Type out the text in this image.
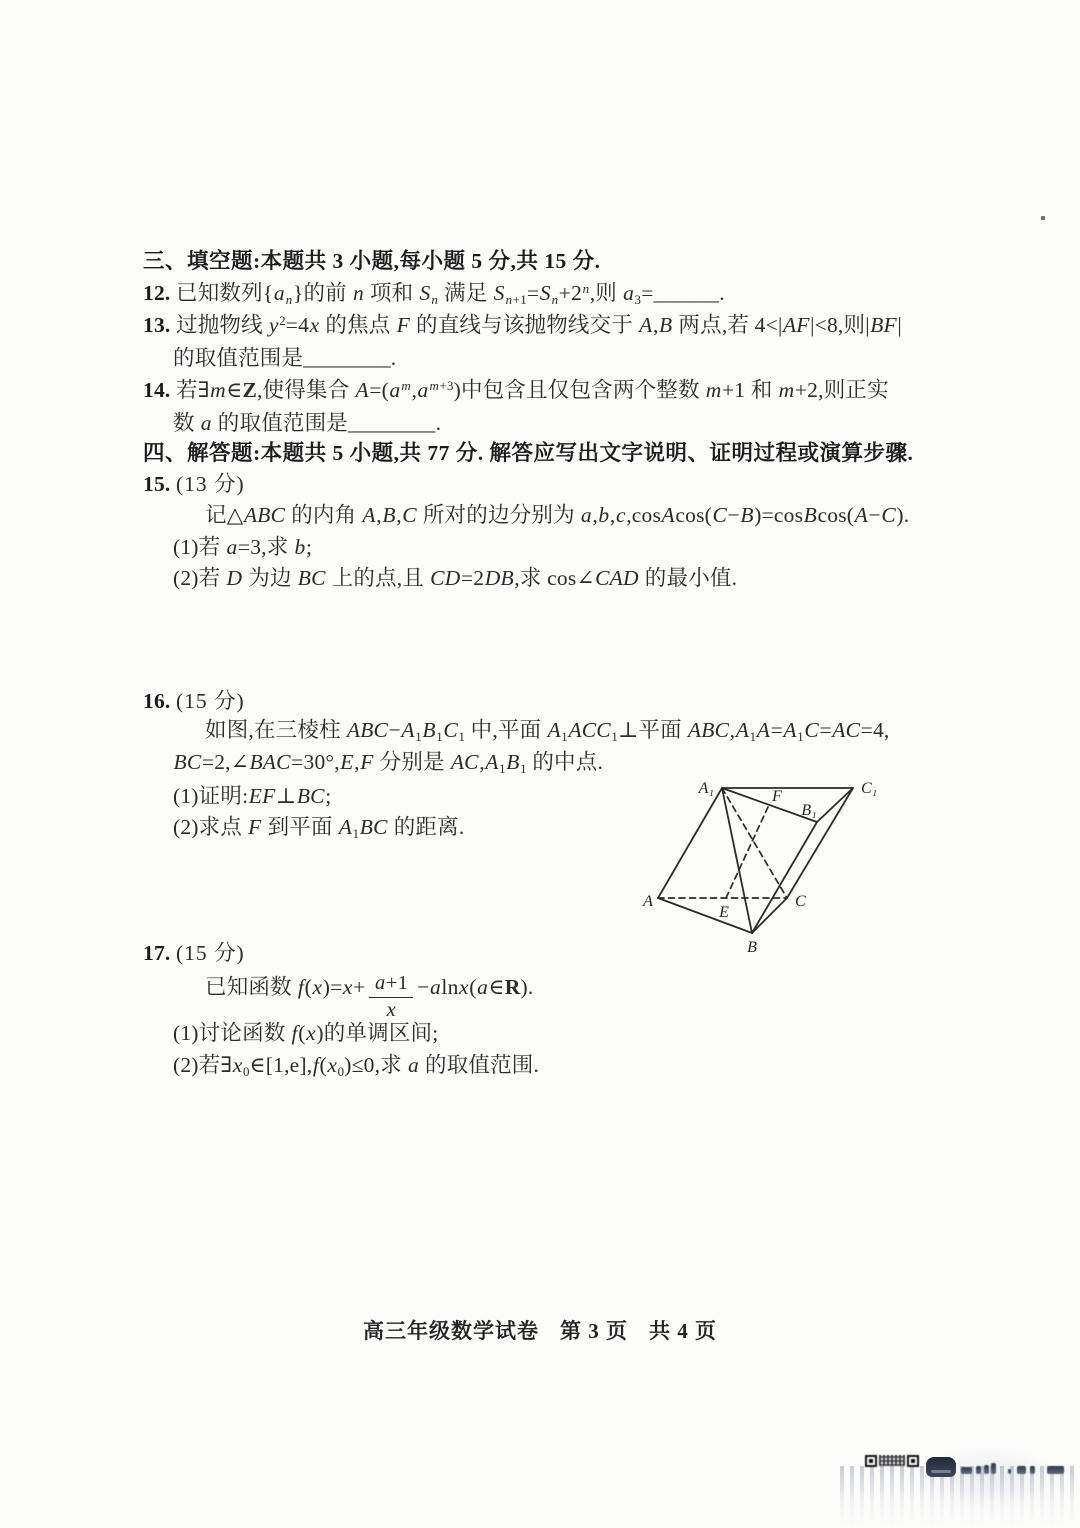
三、填空题:本题共 3 小题,每小题 5 分,共 15 分.
12. 已知数列$\{a_n\}$的前 n 项和 $S_n$ 满足 $S_{n+1}=S_n+2^n$,则 $a_3=\_\_\_\_\_\_$.
13. 过抛物线 $y^2=4x$ 的焦点 F 的直线与该抛物线交于 A,B 两点,若 4<|AF|<8,则|BF|
的取值范围是________.
14. 若∃m∈Z,使得集合 $A=(a^m,a^{m+3})$中包含且仅包含两个整数 m+1 和 m+2,则正实
数 a 的取值范围是________.
四、解答题:本题共 5 小题,共 77 分. 解答应写出文字说明、证明过程或演算步骤.
15. (13 分)
记△ABC 的内角 A,B,C 所对的边分别为 a,b,c,cosAcos(C−B)=cosBcos(A−C).
(1)若 a=3,求 b;
(2)若 D 为边 BC 上的点,且 CD=2DB,求 cos∠CAD 的最小值.
16. (15 分)
如图,在三棱柱 $ABC-A_1B_1C_1$ 中,平面 $A_1ACC_1\perp$平面 $ABC,A_1A=A_1C=AC=4$,
BC=2,∠BAC=30°,E,F 分别是 $AC,A_1B_1$ 的中点.
(1)证明:EF⊥BC;
(2)求点 F 到平面 $A_1BC$ 的距离.
17. (15 分)
已知函数 $f(x)=x+ \frac{a+1}{x}$ −alnx(a∈R).
(1)讨论函数 f(x)的单调区间;
(2)若$\exists x_0\in[1,e],f(x_0)\le 0$,求 a 的取值范围.
A₁	C₁
F
B₁
A
E
C
B
高三年级数学试卷 第 3 页 共 4 页
